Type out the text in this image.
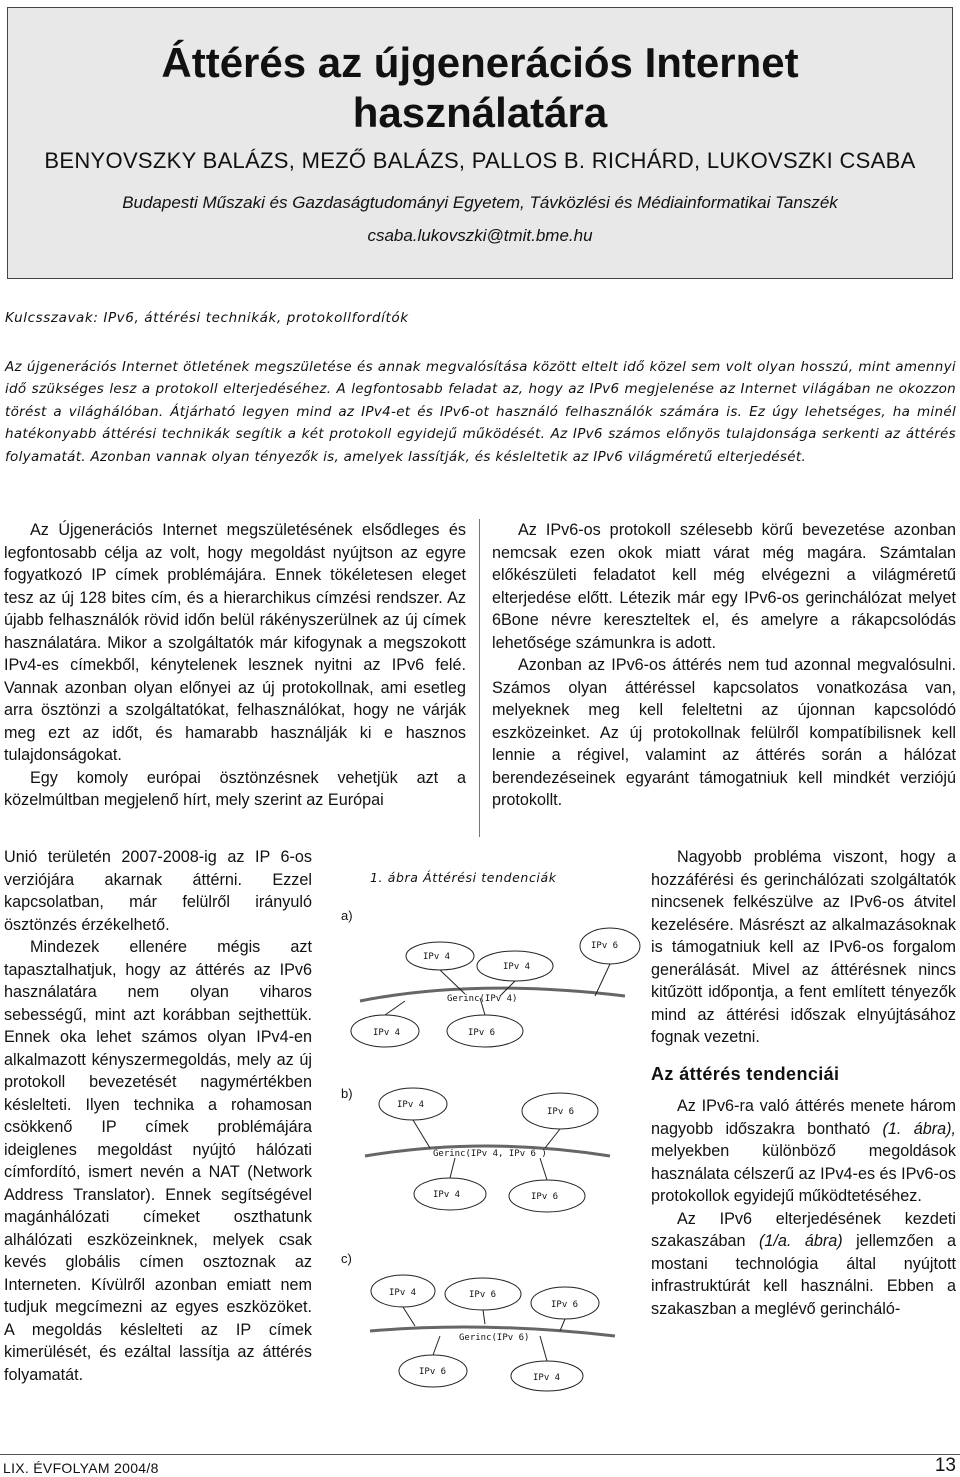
Áttérés az újgenerációs Internet
használatára
BENYOVSZKY BALÁZS, MEZŐ BALÁZS, PALLOS B. RICHÁRD, LUKOVSZKI CSABA
Budapesti Műszaki és Gazdaságtudományi Egyetem, Távközlési és Médiainformatikai Tanszék
csaba.lukovszki@tmit.bme.hu
Kulcsszavak: IPv6, áttérési technikák, protokollfordítók

Az újgenerációs Internet ötletének megszületése és annak megvalósítása között eltelt idő közel sem volt olyan hosszú, mint amennyi idő szükséges lesz a protokoll elterjedéséhez. A legfontosabb feladat az, hogy az IPv6 megjelenése az Internet világában ne okozzon törést a világhálóban. Átjárható legyen mind az IPv4-et és IPv6-ot használó felhasználók számára is. Ez úgy lehetséges, ha minél hatékonyabb áttérési technikák segítik a két protokoll egyidejű működését. Az IPv6 számos előnyös tulajdonsága serkenti az áttérés folyamatát. Azonban vannak olyan tényezők is, amelyek lassítják, és késleltetik az IPv6 világméretű elterjedését.

Az Újgenerációs Internet megszületésének elsődleges és legfontosabb célja az volt, hogy megoldást nyújtson az egyre fogyatkozó IP címek problémájára. Ennek tökéletesen eleget tesz az új 128 bites cím, és a hierarchikus címzési rendszer. Az újabb felhasználók rövid időn belül rákényszerülnek az új címek használatára. Mikor a szolgáltatók már kifogynak a megszokott IPv4-es címekből, kénytelenek lesznek nyitni az IPv6 felé. Vannak azonban olyan előnyei az új protokollnak, ami esetleg arra ösztönzi a szolgáltatókat, felhasználókat, hogy ne várják meg ezt az időt, és hamarabb használják ki e hasznos tulajdonságokat.

Egy komoly európai ösztönzésnek vehetjük azt a közelmúltban megjelenő hírt, mely szerint az Európai

Unió területén 2007-2008-ig az IP 6-os verziójára akarnak áttérni. Ezzel kapcsolatban, már felülről irányuló ösztönzés érzékelhető.

Mindezek ellenére mégis azt tapasztalhatjuk, hogy az áttérés az IPv6 használatára nem olyan viharos sebességű, mint azt korábban sejthettük. Ennek oka lehet számos olyan IPv4-en alkalmazott kényszermegoldás, mely az új protokoll bevezetését nagymértékben késlelteti. Ilyen technika a rohamosan csökkenő IP címek problémájára ideiglenes megoldást nyújtó hálózati címfordító, ismert nevén a NAT (Network Address Translator). Ennek segítségével magánhálózati címeket oszthatunk alhálózati eszközeinknek, melyek csak kevés globális címen osztoznak az Interneten. Kívülről azonban emiatt nem tudjuk megcímezni az egyes eszközöket. A megoldás késlelteti az IP címek kimerülését, és ezáltal lassítja az áttérés folyamatát.

Az IPv6-os protokoll szélesebb körű bevezetése azonban nemcsak ezen okok miatt várat még magára. Számtalan előkészületi feladatot kell még elvégezni a világméretű elterjedése előtt. Létezik már egy IPv6-os gerinchálózat melyet 6Bone névre kereszteltek el, és amelyre a rákapcsolódás lehetősége számunkra is adott.

Azonban az IPv6-os áttérés nem tud azonnal megvalósulni. Számos olyan áttéréssel kapcsolatos vonatkozása van, melyeknek meg kell feleltetni az újonnan kapcsolódó eszközeinket. Az új protokollnak felülről kompatíbilisnek kell lennie a régivel, valamint az áttérés során a hálózat berendezéseinek egyaránt támogatniuk kell mindkét verziójú protokollt.

Nagyobb probléma viszont, hogy a hozzáférési és gerinchálózati szolgáltatók nincsenek felkészülve az IPv6-os átvitel kezelésére. Másrészt az alkalmazásoknak is támogatniuk kell az IPv6-os forgalom generálását. Mivel az áttérésnek nincs kitűzött időpontja, a fent említett tényezők mind az áttérési időszak elnyújtásához fognak vezetni.

Az áttérés tendenciái

Az IPv6-ra való áttérés menete három nagyobb időszakra bontható (1. ábra), melyekben különböző megoldások használata célszerű az IPv4-es és IPv6-os protokollok egyidejű működtetéséhez.

Az IPv6 elterjedésének kezdeti szakaszában (1/a. ábra) jellemzően a mostani technológia által nyújtott infrastruktúrát kell használni. Ebben a szakaszban a meglévő gerincháló-

1. ábra Áttérési tendenciák
a)
IPv 4
IPv 4
IPv 6
IPv 4	IPv 6
Gerinc(IPv 4)
b)
IPv 4
IPv 6
IPv 4	IPv 6
Gerinc(IPv 4, IPv 6 )
c)
IPv 4	IPv 6
IPv 6
IPv 6
IPv 4
Gerinc(IPv 6)
LIX. ÉVFOLYAM 2004/8	13
